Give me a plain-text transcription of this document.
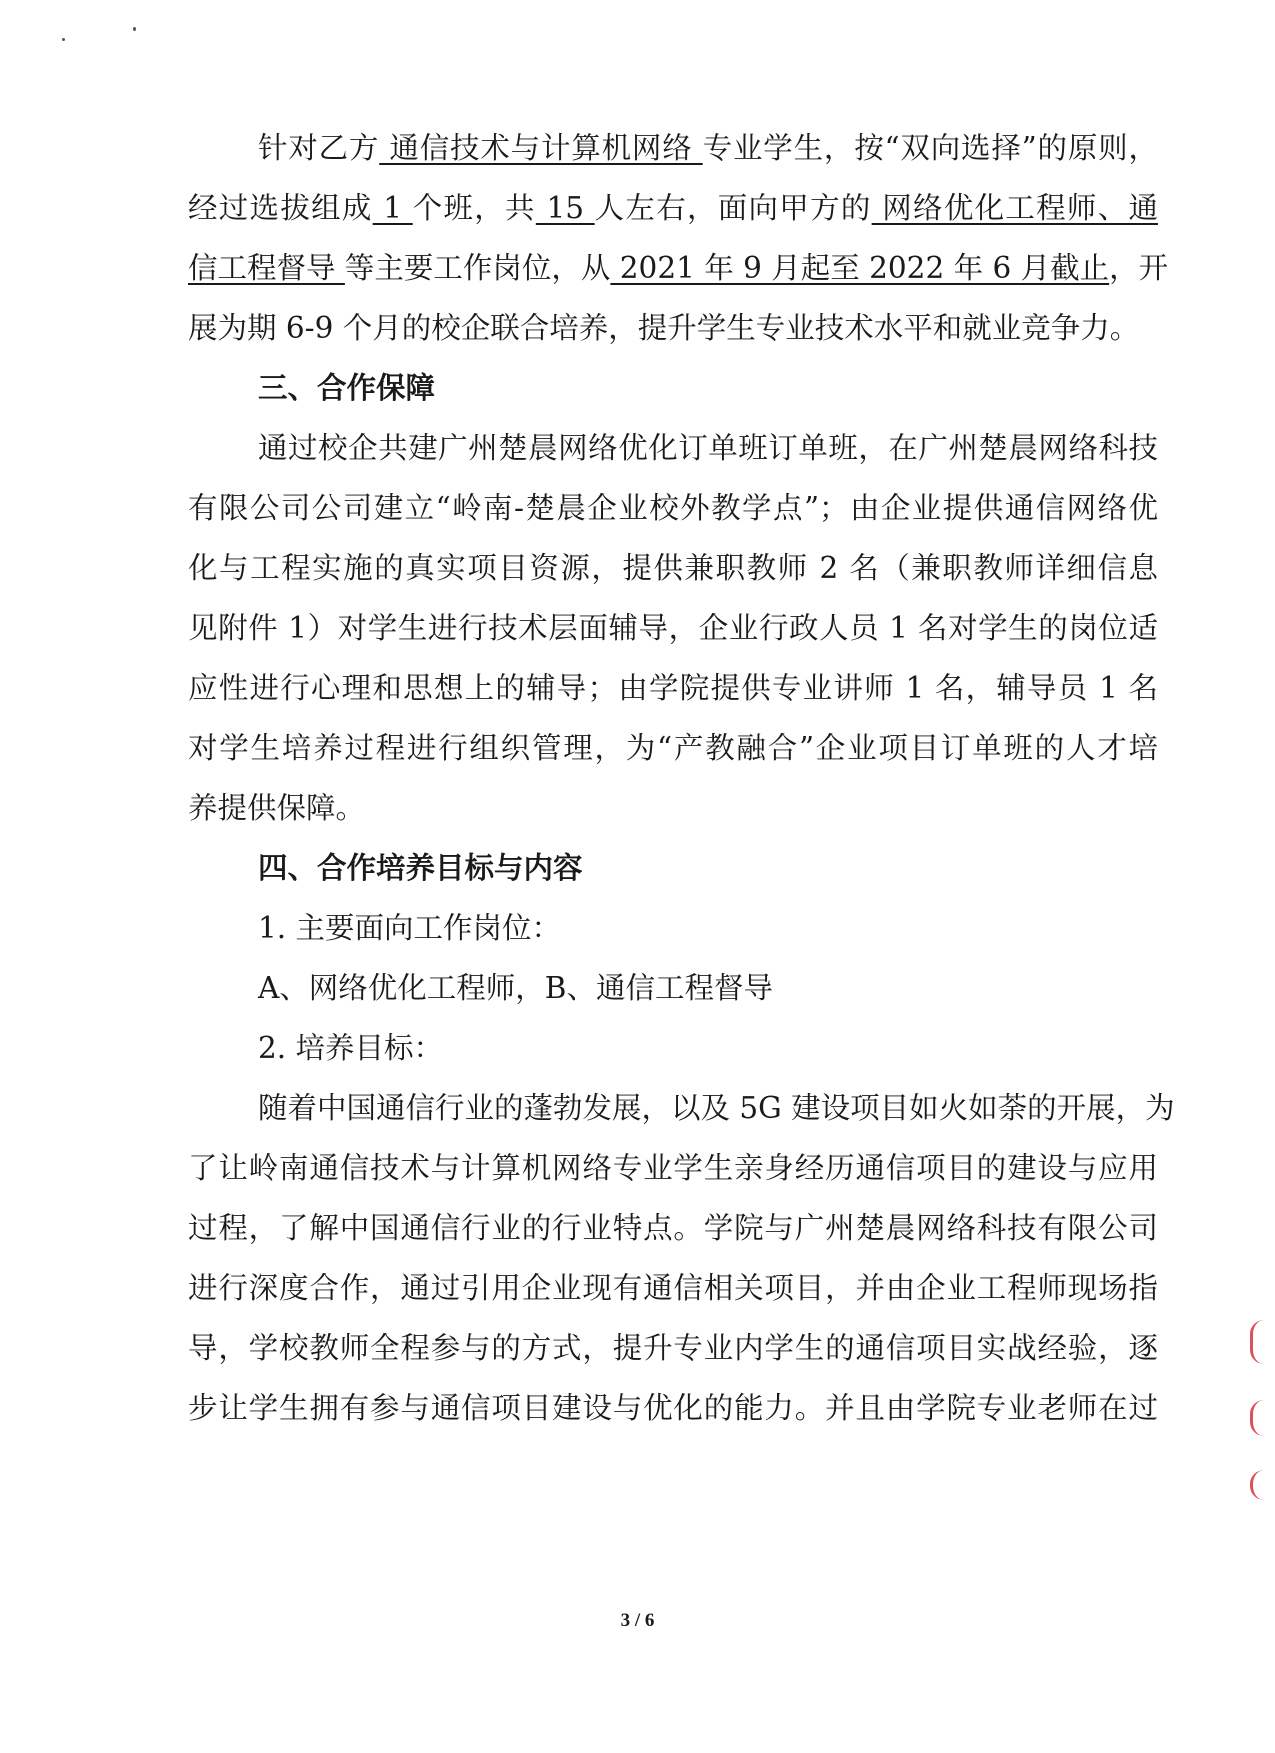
针对乙方 通信技术与计算机网络 专业学生，按“双向选择”的原则，
经过选拔组成 1 个班，共 15 人左右，面向甲方的 网络优化工程师、通
信工程督导 等主要工作岗位，从 2021 年 9 月起至 2022 年 6 月截止，开
展为期 6-9 个月的校企联合培养，提升学生专业技术水平和就业竞争力。
三、合作保障
通过校企共建广州楚晨网络优化订单班订单班，在广州楚晨网络科技
有限公司公司建立“岭南-楚晨企业校外教学点”；由企业提供通信网络优
化与工程实施的真实项目资源，提供兼职教师 2 名（兼职教师详细信息
见附件 1）对学生进行技术层面辅导，企业行政人员 1 名对学生的岗位适
应性进行心理和思想上的辅导；由学院提供专业讲师 1 名，辅导员 1 名
对学生培养过程进行组织管理，为“产教融合”企业项目订单班的人才培
养提供保障。
四、合作培养目标与内容
1. 主要面向工作岗位：
A、网络优化工程师，B、通信工程督导
2. 培养目标：
随着中国通信行业的蓬勃发展，以及 5G 建设项目如火如荼的开展，为
了让岭南通信技术与计算机网络专业学生亲身经历通信项目的建设与应用
过程，了解中国通信行业的行业特点。学院与广州楚晨网络科技有限公司
进行深度合作，通过引用企业现有通信相关项目，并由企业工程师现场指
导，学校教师全程参与的方式，提升专业内学生的通信项目实战经验，逐
步让学生拥有参与通信项目建设与优化的能力。并且由学院专业老师在过
3 / 6
